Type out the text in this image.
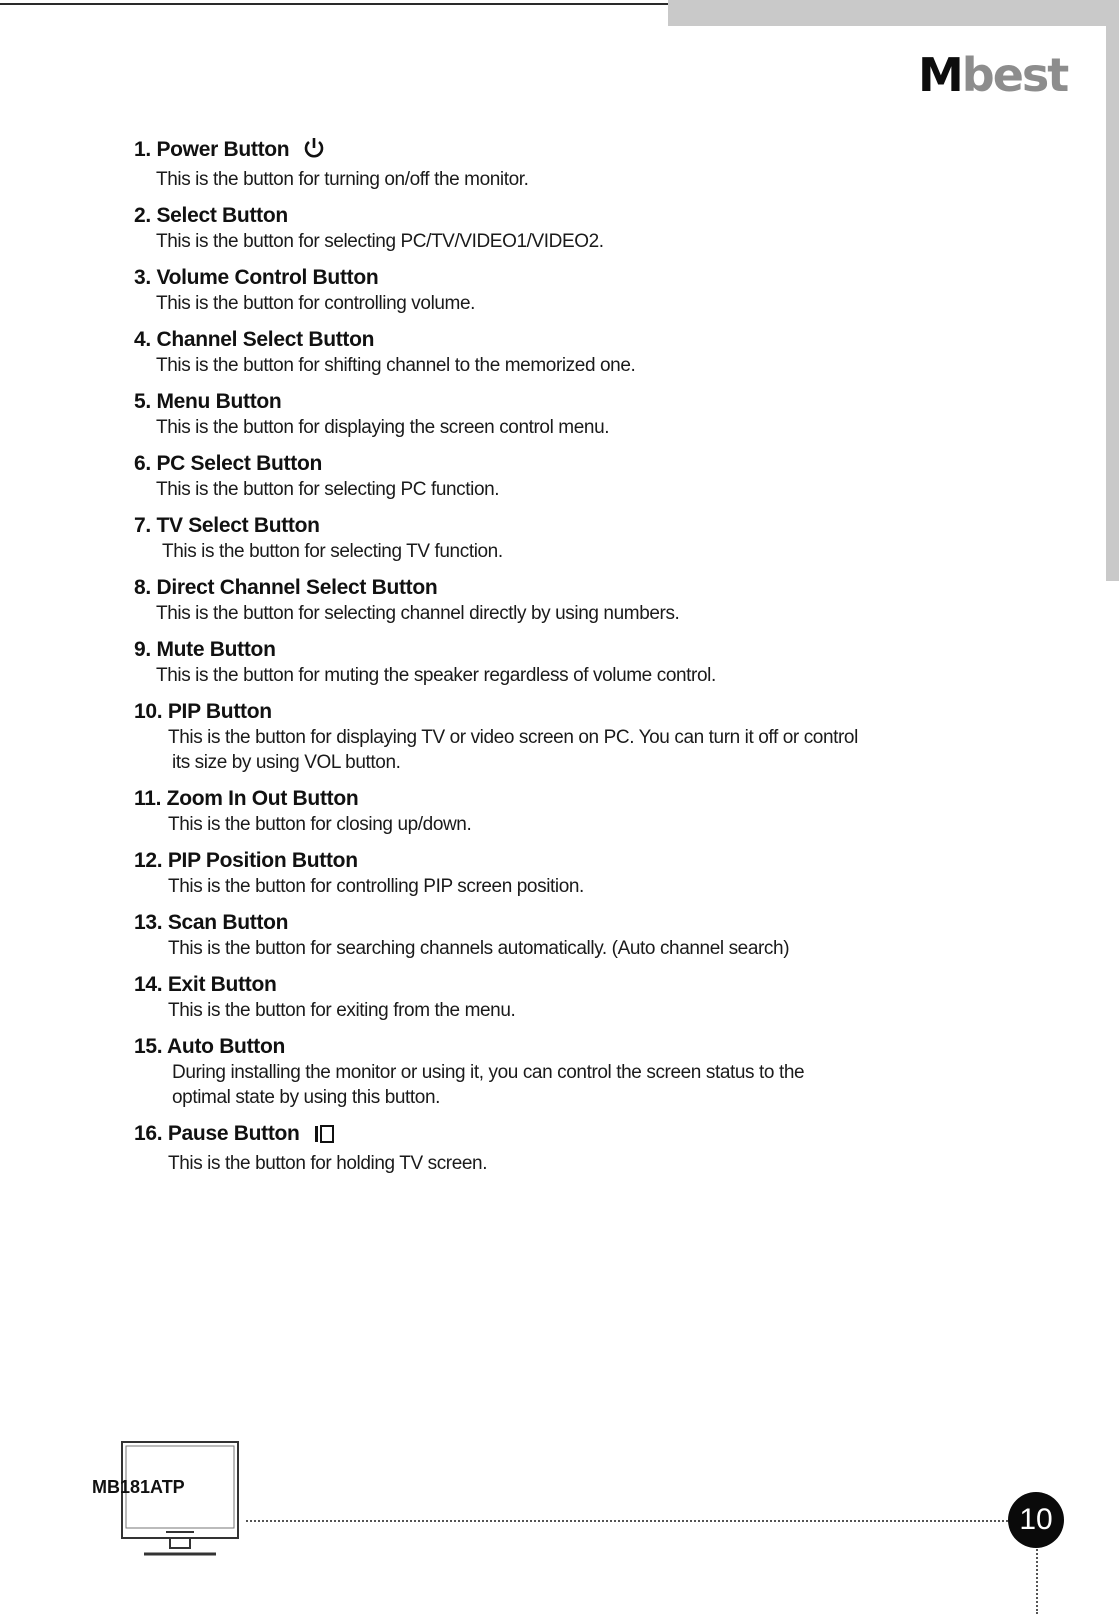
Mbest
1. Power Button
This is the button for turning on/off the monitor.
2. Select Button
This is the button for selecting PC/TV/VIDEO1/VIDEO2.
3. Volume Control Button
This is the button for controlling volume.
4. Channel Select Button
This is the button for shifting channel to the memorized one.
5. Menu Button
This is the button for displaying the screen control menu.
6. PC Select Button
This is the button for selecting PC function.
7. TV Select Button
This is the button for selecting TV function.
8. Direct Channel Select Button
This is the button for selecting channel directly by using numbers.
9. Mute Button
This is the button for muting the speaker regardless of volume control.
10. PIP Button
This is the button for displaying TV or video screen on PC. You can turn it off or control
its size by using VOL button.
11. Zoom In Out Button
This is the button for closing up/down.
12. PIP Position Button
This is the button for controlling PIP screen position.
13. Scan Button
This is the button for searching channels automatically. (Auto channel search)
14. Exit Button
This is the button for exiting from the menu.
15. Auto Button
During installing the monitor or using it, you can control the screen status to the
optimal state by using this button.
16. Pause Button
This is the button for holding TV screen.
MB181ATP
10
